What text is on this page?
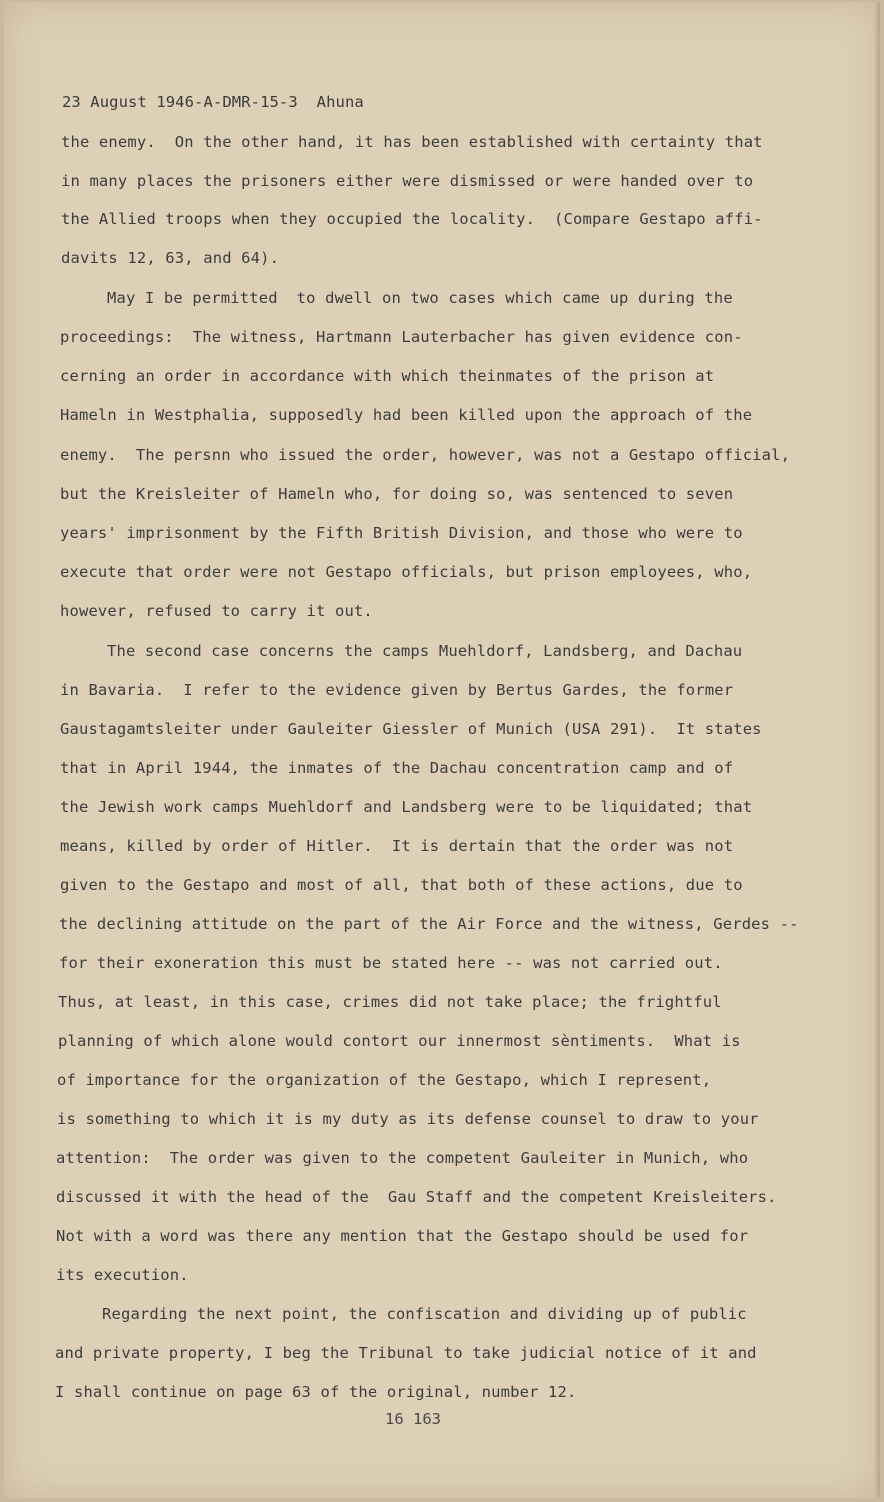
23 August 1946-A-DMR-15-3  Ahuna
the enemy.  On the other hand, it has been established with certainty that
in many places the prisoners either were dismissed or were handed over to
the Allied troops when they occupied the locality.  (Compare Gestapo affi-
davits 12, 63, and 64).
May I be permitted  to dwell on two cases which came up during the
proceedings:  The witness, Hartmann Lauterbacher has given evidence con-
cerning an order in accordance with which theinmates of the prison at
Hameln in Westphalia, supposedly had been killed upon the approach of the
enemy.  The persnn who issued the order, however, was not a Gestapo official,
but the Kreisleiter of Hameln who, for doing so, was sentenced to seven
years' imprisonment by the Fifth British Division, and those who were to
execute that order were not Gestapo officials, but prison employees, who,
however, refused to carry it out.
The second case concerns the camps Muehldorf, Landsberg, and Dachau
in Bavaria.  I refer to the evidence given by Bertus Gardes, the former
Gaustagamtsleiter under Gauleiter Giessler of Munich (USA 291).  It states
that in April 1944, the inmates of the Dachau concentration camp and of
the Jewish work camps Muehldorf and Landsberg were to be liquidated; that
means, killed by order of Hitler.  It is dertain that the order was not
given to the Gestapo and most of all, that both of these actions, due to
the declining attitude on the part of the Air Force and the witness, Gerdes --
for their exoneration this must be stated here -- was not carried out.
Thus, at least, in this case, crimes did not take place; the frightful
planning of which alone would contort our innermost sèntiments.  What is
of importance for the organization of the Gestapo, which I represent,
is something to which it is my duty as its defense counsel to draw to your
attention:  The order was given to the competent Gauleiter in Munich, who
discussed it with the head of the  Gau Staff and the competent Kreisleiters.
Not with a word was there any mention that the Gestapo should be used for
its execution.
Regarding the next point, the confiscation and dividing up of public
and private property, I beg the Tribunal to take judicial notice of it and
I shall continue on page 63 of the original, number 12.
16 163
